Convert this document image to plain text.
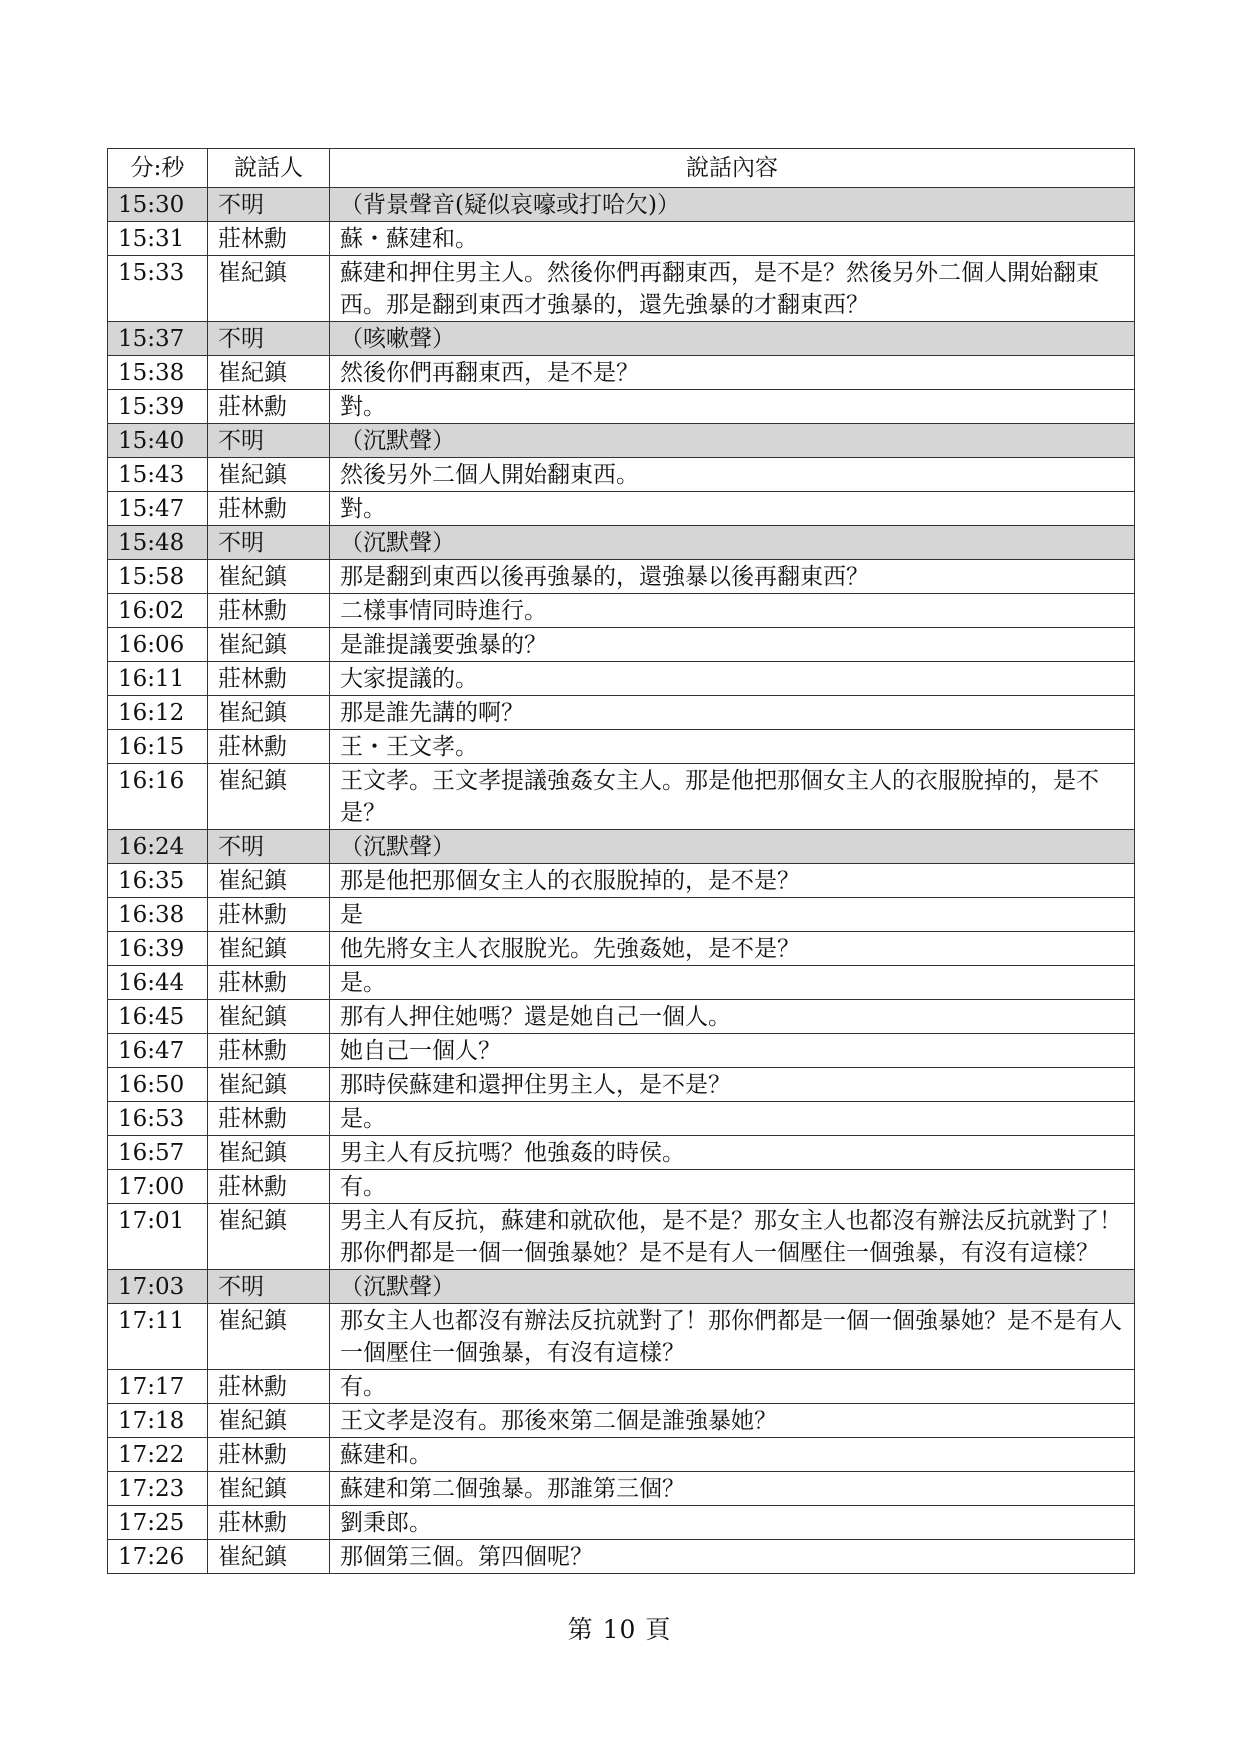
分:秒	說話人	說話內容
15:30	不明	（背景聲音(疑似哀嚎或打哈欠)）
15:31	莊林勳	蘇・蘇建和。
15:33	崔紀鎮	蘇建和押住男主人。然後你們再翻東西，是不是？然後另外二個人開始翻東西。那是翻到東西才強暴的，還先強暴的才翻東西？
15:37	不明	（咳嗽聲）
15:38	崔紀鎮	然後你們再翻東西，是不是？
15:39	莊林勳	對。
15:40	不明	（沉默聲）
15:43	崔紀鎮	然後另外二個人開始翻東西。
15:47	莊林勳	對。
15:48	不明	（沉默聲）
15:58	崔紀鎮	那是翻到東西以後再強暴的，還強暴以後再翻東西？
16:02	莊林勳	二樣事情同時進行。
16:06	崔紀鎮	是誰提議要強暴的？
16:11	莊林勳	大家提議的。
16:12	崔紀鎮	那是誰先講的啊？
16:15	莊林勳	王・王文孝。
16:16	崔紀鎮	王文孝。王文孝提議強姦女主人。那是他把那個女主人的衣服脫掉的，是不是？
16:24	不明	（沉默聲）
16:35	崔紀鎮	那是他把那個女主人的衣服脫掉的，是不是？
16:38	莊林勳	是
16:39	崔紀鎮	他先將女主人衣服脫光。先強姦她，是不是？
16:44	莊林勳	是。
16:45	崔紀鎮	那有人押住她嗎？還是她自己一個人。
16:47	莊林勳	她自己一個人？
16:50	崔紀鎮	那時侯蘇建和還押住男主人，是不是？
16:53	莊林勳	是。
16:57	崔紀鎮	男主人有反抗嗎？他強姦的時侯。
17:00	莊林勳	有。
17:01	崔紀鎮	男主人有反抗，蘇建和就砍他，是不是？那女主人也都沒有辦法反抗就對了！那你們都是一個一個強暴她？是不是有人一個壓住一個強暴，有沒有這樣？
17:03	不明	（沉默聲）
17:11	崔紀鎮	那女主人也都沒有辦法反抗就對了！那你們都是一個一個強暴她？是不是有人一個壓住一個強暴，有沒有這樣？
17:17	莊林勳	有。
17:18	崔紀鎮	王文孝是沒有。那後來第二個是誰強暴她？
17:22	莊林勳	蘇建和。
17:23	崔紀鎮	蘇建和第二個強暴。那誰第三個？
17:25	莊林勳	劉秉郎。
17:26	崔紀鎮	那個第三個。第四個呢？
第 10 頁
